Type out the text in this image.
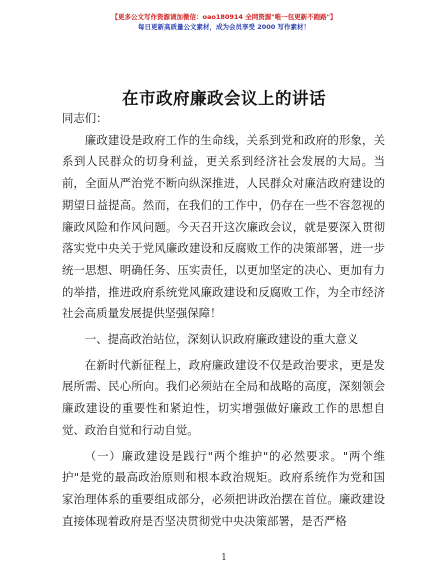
【更多公文写作资源请加微信：oao180914 全网资源"唯一包更新不跑路"】
每日更新高质量公文素材，成为会员享受 2000 写作素材！
在市政府廉政会议上的讲话

同志们：

廉政建设是政府工作的生命线，关系到党和政府的形象，关系到人民群众的切身利益，更关系到经济社会发展的大局。当前，全面从严治党不断向纵深推进，人民群众对廉洁政府建设的期望日益提高。然而，在我们的工作中，仍存在一些不容忽视的廉政风险和作风问题。今天召开这次廉政会议，就是要深入贯彻落实党中央关于党风廉政建设和反腐败工作的决策部署，进一步统一思想、明确任务、压实责任，以更加坚定的决心、更加有力的举措，推进政府系统党风廉政建设和反腐败工作，为全市经济社会高质量发展提供坚强保障！

一、提高政治站位，深刻认识政府廉政建设的重大意义

在新时代新征程上，政府廉政建设不仅是政治要求，更是发展所需、民心所向。我们必须站在全局和战略的高度，深刻领会廉政建设的重要性和紧迫性，切实增强做好廉政工作的思想自觉、政治自觉和行动自觉。

（一）廉政建设是践行"两个维护"的必然要求。"两个维护"是党的最高政治原则和根本政治规矩。政府系统作为党和国家治理体系的重要组成部分，必须把讲政治摆在首位。廉政建设直接体现着政府是否坚决贯彻党中央决策部署，是否严格

1
